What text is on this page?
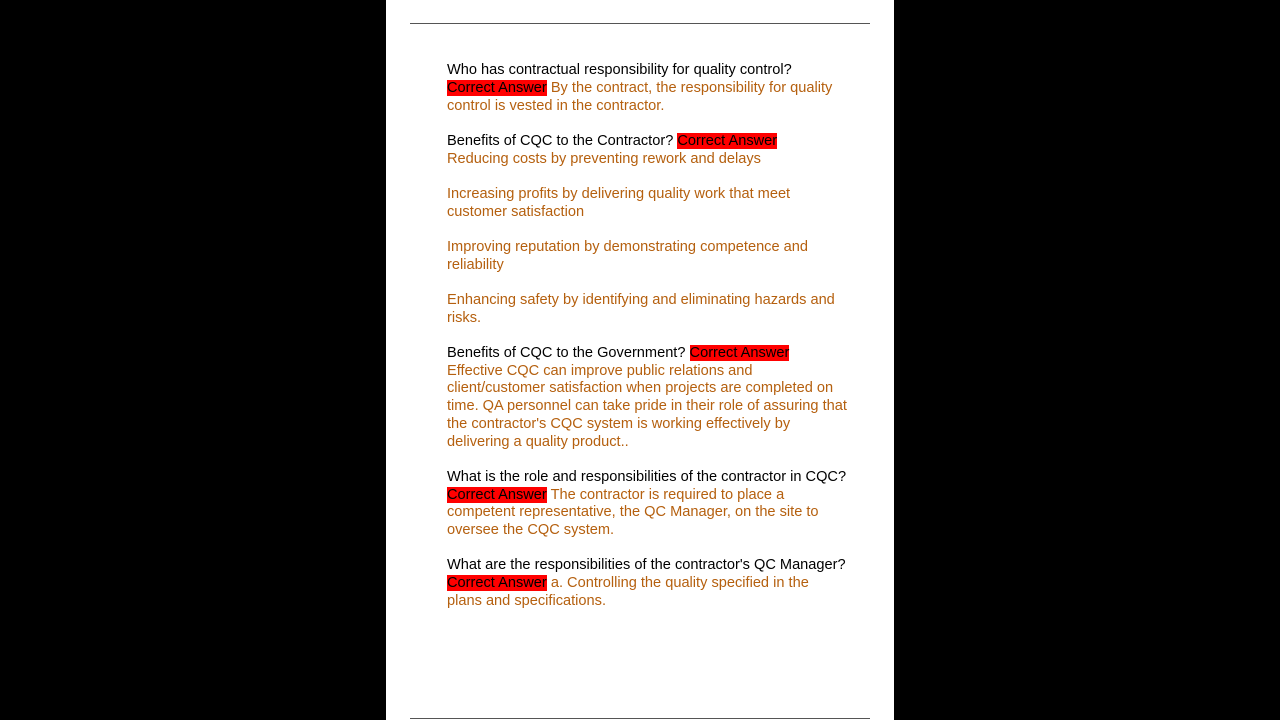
Who has contractual responsibility for quality control?
Correct Answer By the contract, the responsibility for quality control is vested in the contractor.

Benefits of CQC to the Contractor? Correct Answer
Reducing costs by preventing rework and delays

Increasing profits by delivering quality work that meet customer satisfaction

Improving reputation by demonstrating competence and reliability

Enhancing safety by identifying and eliminating hazards and risks.

Benefits of CQC to the Government? Correct Answer
Effective CQC can improve public relations and client/customer satisfaction when projects are completed on time. QA personnel can take pride in their role of assuring that the contractor's CQC system is working effectively by delivering a quality product..

What is the role and responsibilities of the contractor in CQC? Correct Answer The contractor is required to place a competent representative, the QC Manager, on the site to oversee the CQC system.

What are the responsibilities of the contractor's QC Manager? Correct Answer a. Controlling the quality specified in the plans and specifications.
